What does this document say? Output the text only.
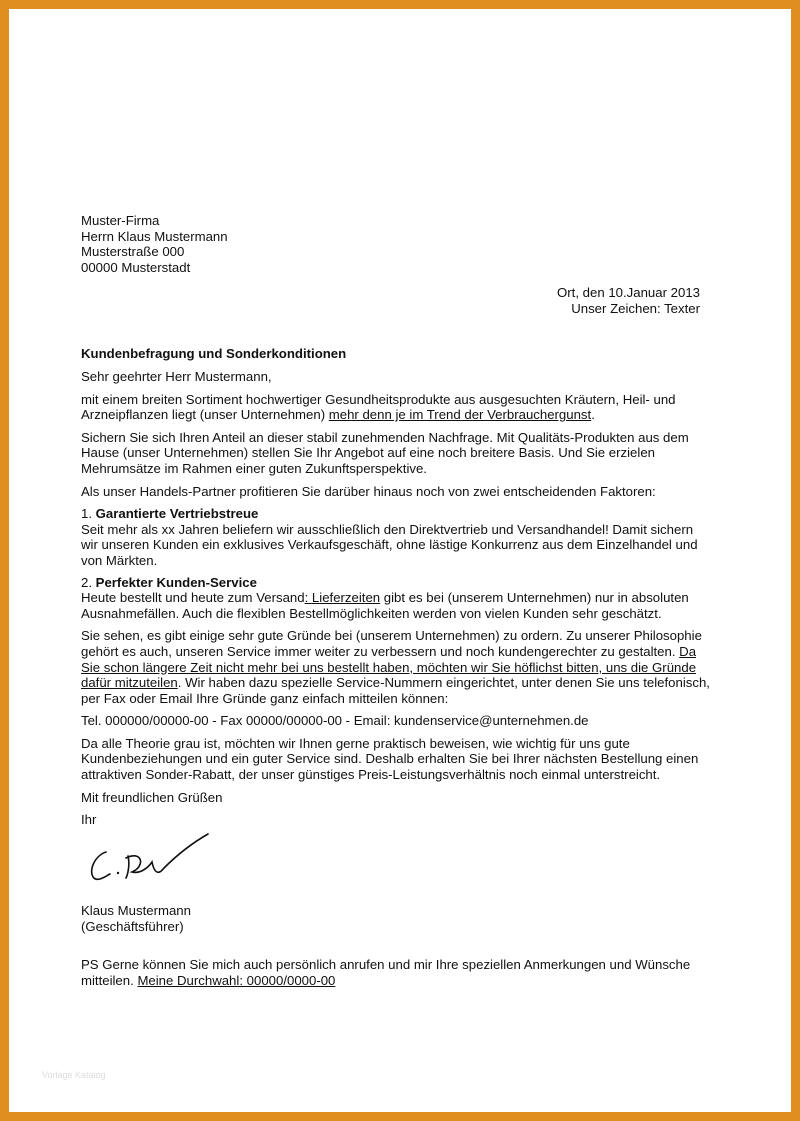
Muster-Firma
Herrn Klaus Mustermann
Musterstraße 000
00000 Musterstadt
Ort, den 10.Januar 2013
Unser Zeichen: Texter
Kundenbefragung und Sonderkonditionen

Sehr geehrter Herr Mustermann,

mit einem breiten Sortiment hochwertiger Gesundheitsprodukte aus ausgesuchten Kräutern, Heil- und Arzneipflanzen liegt (unser Unternehmen) mehr denn je im Trend der Verbrauchergunst.

Sichern Sie sich Ihren Anteil an dieser stabil zunehmenden Nachfrage. Mit Qualitäts-Produkten aus dem Hause (unser Unternehmen) stellen Sie Ihr Angebot auf eine noch breitere Basis. Und Sie erzielen Mehrumsätze im Rahmen einer guten Zukunftsperspektive.

Als unser Handels-Partner profitieren Sie darüber hinaus noch von zwei entscheidenden Faktoren:

1. Garantierte Vertriebstreue
Seit mehr als xx Jahren beliefern wir ausschließlich den Direktvertrieb und Versandhandel! Damit sichern wir unseren Kunden ein exklusives Verkaufsgeschäft, ohne lästige Konkurrenz aus dem Einzelhandel und von Märkten.

2. Perfekter Kunden-Service
Heute bestellt und heute zum Versand: Lieferzeiten gibt es bei (unserem Unternehmen) nur in absoluten Ausnahmefällen. Auch die flexiblen Bestellmöglichkeiten werden von vielen Kunden sehr geschätzt.

Sie sehen, es gibt einige sehr gute Gründe bei (unserem Unternehmen) zu ordern. Zu unserer Philosophie gehört es auch, unseren Service immer weiter zu verbessern und noch kundengerechter zu gestalten. Da Sie schon längere Zeit nicht mehr bei uns bestellt haben, möchten wir Sie höflichst bitten, uns die Gründe dafür mitzuteilen. Wir haben dazu spezielle Service-Nummern eingerichtet, unter denen Sie uns telefonisch, per Fax oder Email Ihre Gründe ganz einfach mitteilen können:

Tel. 000000/00000-00 - Fax 00000/00000-00 - Email: kundenservice@unternehmen.de

Da alle Theorie grau ist, möchten wir Ihnen gerne praktisch beweisen, wie wichtig für uns gute Kundenbeziehungen und ein guter Service sind. Deshalb erhalten Sie bei Ihrer nächsten Bestellung einen attraktiven Sonder-Rabatt, der unser günstiges Preis-Leistungsverhältnis noch einmal unterstreicht.

Mit freundlichen Grüßen

Ihr

Klaus Mustermann
(Geschäftsführer)
PS Gerne können Sie mich auch persönlich anrufen und mir Ihre speziellen Anmerkungen und Wünsche mitteilen. Meine Durchwahl: 00000/0000-00
Vorlage Katalog
